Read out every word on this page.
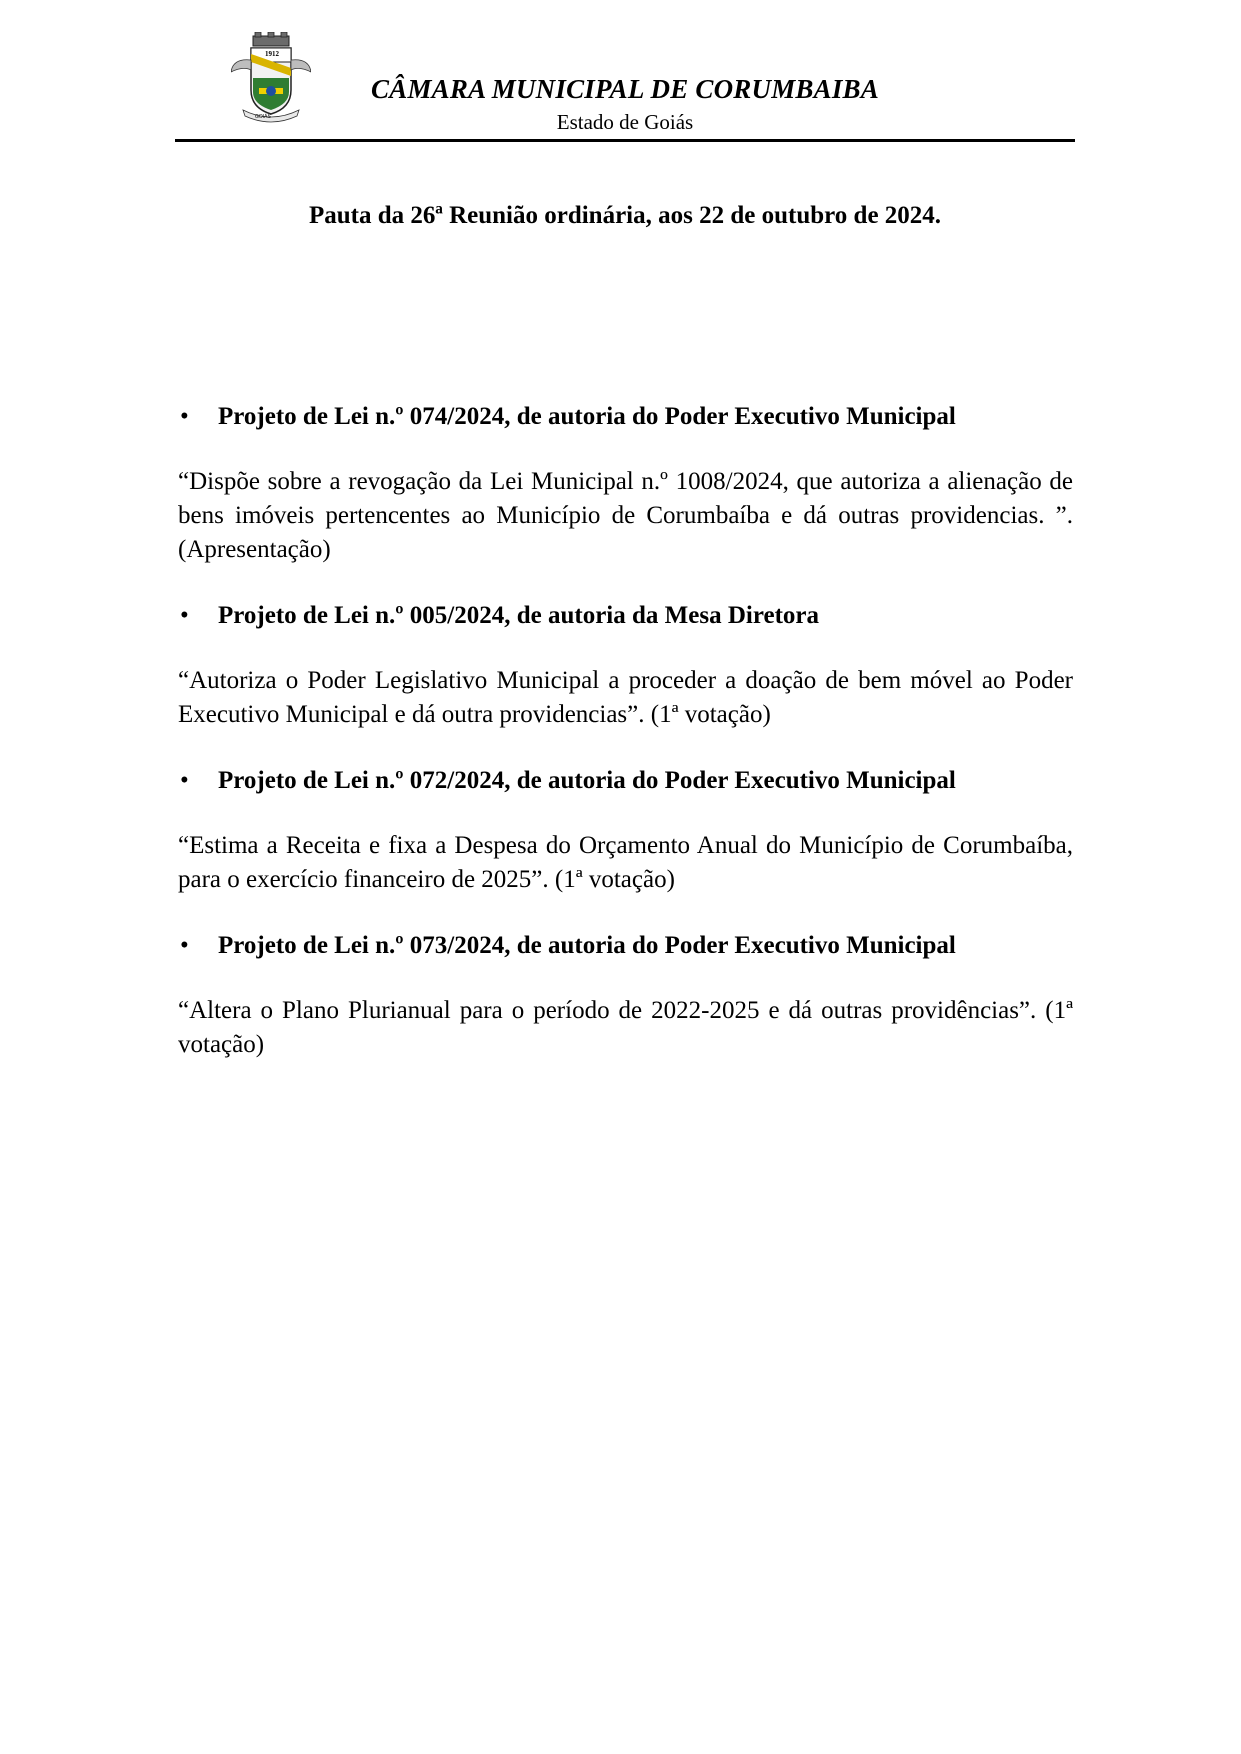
1912
GOIÁS
CÂMARA MUNICIPAL DE CORUMBAIBA
Estado de Goiás
Pauta da 26ª Reunião ordinária, aos 22 de outubro de 2024.
• Projeto de Lei n.º 074/2024, de autoria do Poder Executivo Municipal
“Dispõe sobre a revogação da Lei Municipal n.º 1008/2024, que autoriza a alienação de bens imóveis pertencentes ao Município de Corumbaíba e dá outras providencias. ”. (Apresentação)
• Projeto de Lei n.º 005/2024, de autoria da Mesa Diretora
“Autoriza o Poder Legislativo Municipal a proceder a doação de bem móvel ao Poder Executivo Municipal e dá outra providencias”. (1ª votação)
• Projeto de Lei n.º 072/2024, de autoria do Poder Executivo Municipal
“Estima a Receita e fixa a Despesa do Orçamento Anual do Município de Corumbaíba, para o exercício financeiro de 2025”. (1ª votação)
• Projeto de Lei n.º 073/2024, de autoria do Poder Executivo Municipal
“Altera o Plano Plurianual para o período de 2022-2025 e dá outras providências”. (1ª votação)
